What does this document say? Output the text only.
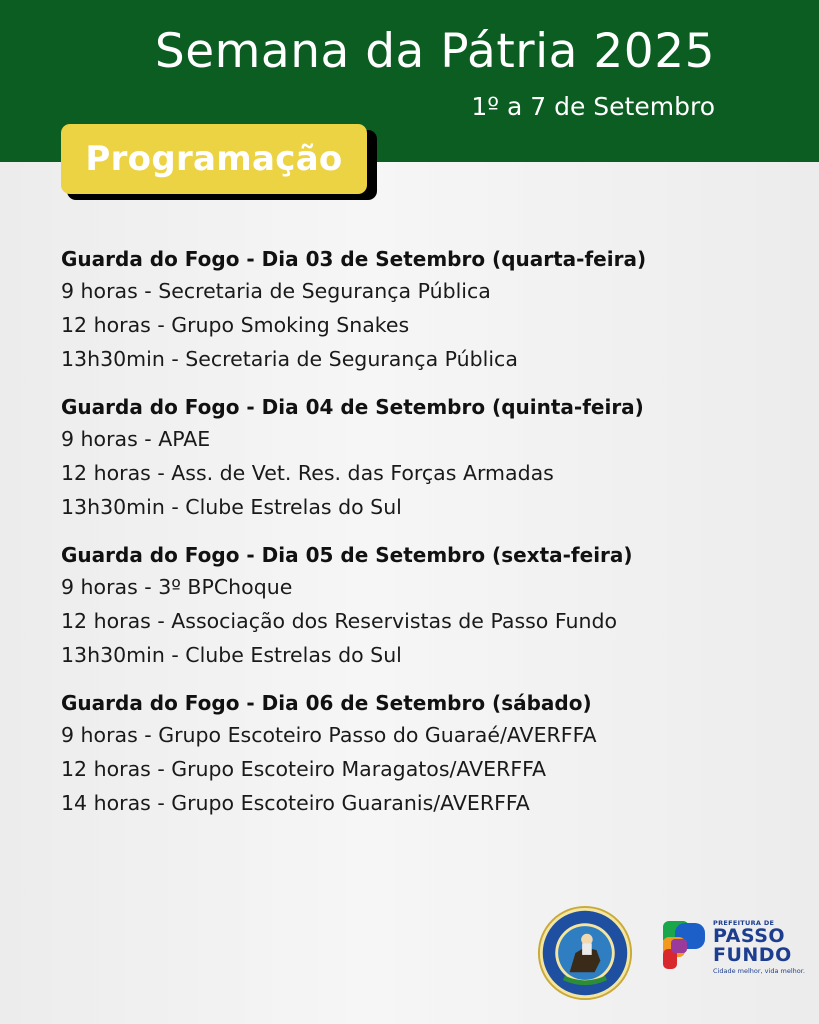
Semana da Pátria 2025
1º a 7 de Setembro
Programação
Guarda do Fogo - Dia 03 de Setembro (quarta-feira)
9 horas - Secretaria de Segurança Pública
12 horas - Grupo Smoking Snakes
13h30min - Secretaria de Segurança Pública
Guarda do Fogo - Dia 04 de Setembro (quinta-feira)
9 horas - APAE
12 horas - Ass. de Vet. Res. das Forças Armadas
13h30min - Clube Estrelas do Sul
Guarda do Fogo - Dia 05 de Setembro (sexta-feira)
9 horas - 3º BPChoque
12 horas - Associação dos Reservistas de Passo Fundo
13h30min - Clube Estrelas do Sul
Guarda do Fogo - Dia 06 de Setembro (sábado)
9 horas - Grupo Escoteiro Passo do Guaraé/AVERFFA
12 horas - Grupo Escoteiro Maragatos/AVERFFA
14 horas - Grupo Escoteiro Guaranis/AVERFFA
PREFEITURA DE
PASSO
FUNDO
Cidade melhor, vida melhor.
